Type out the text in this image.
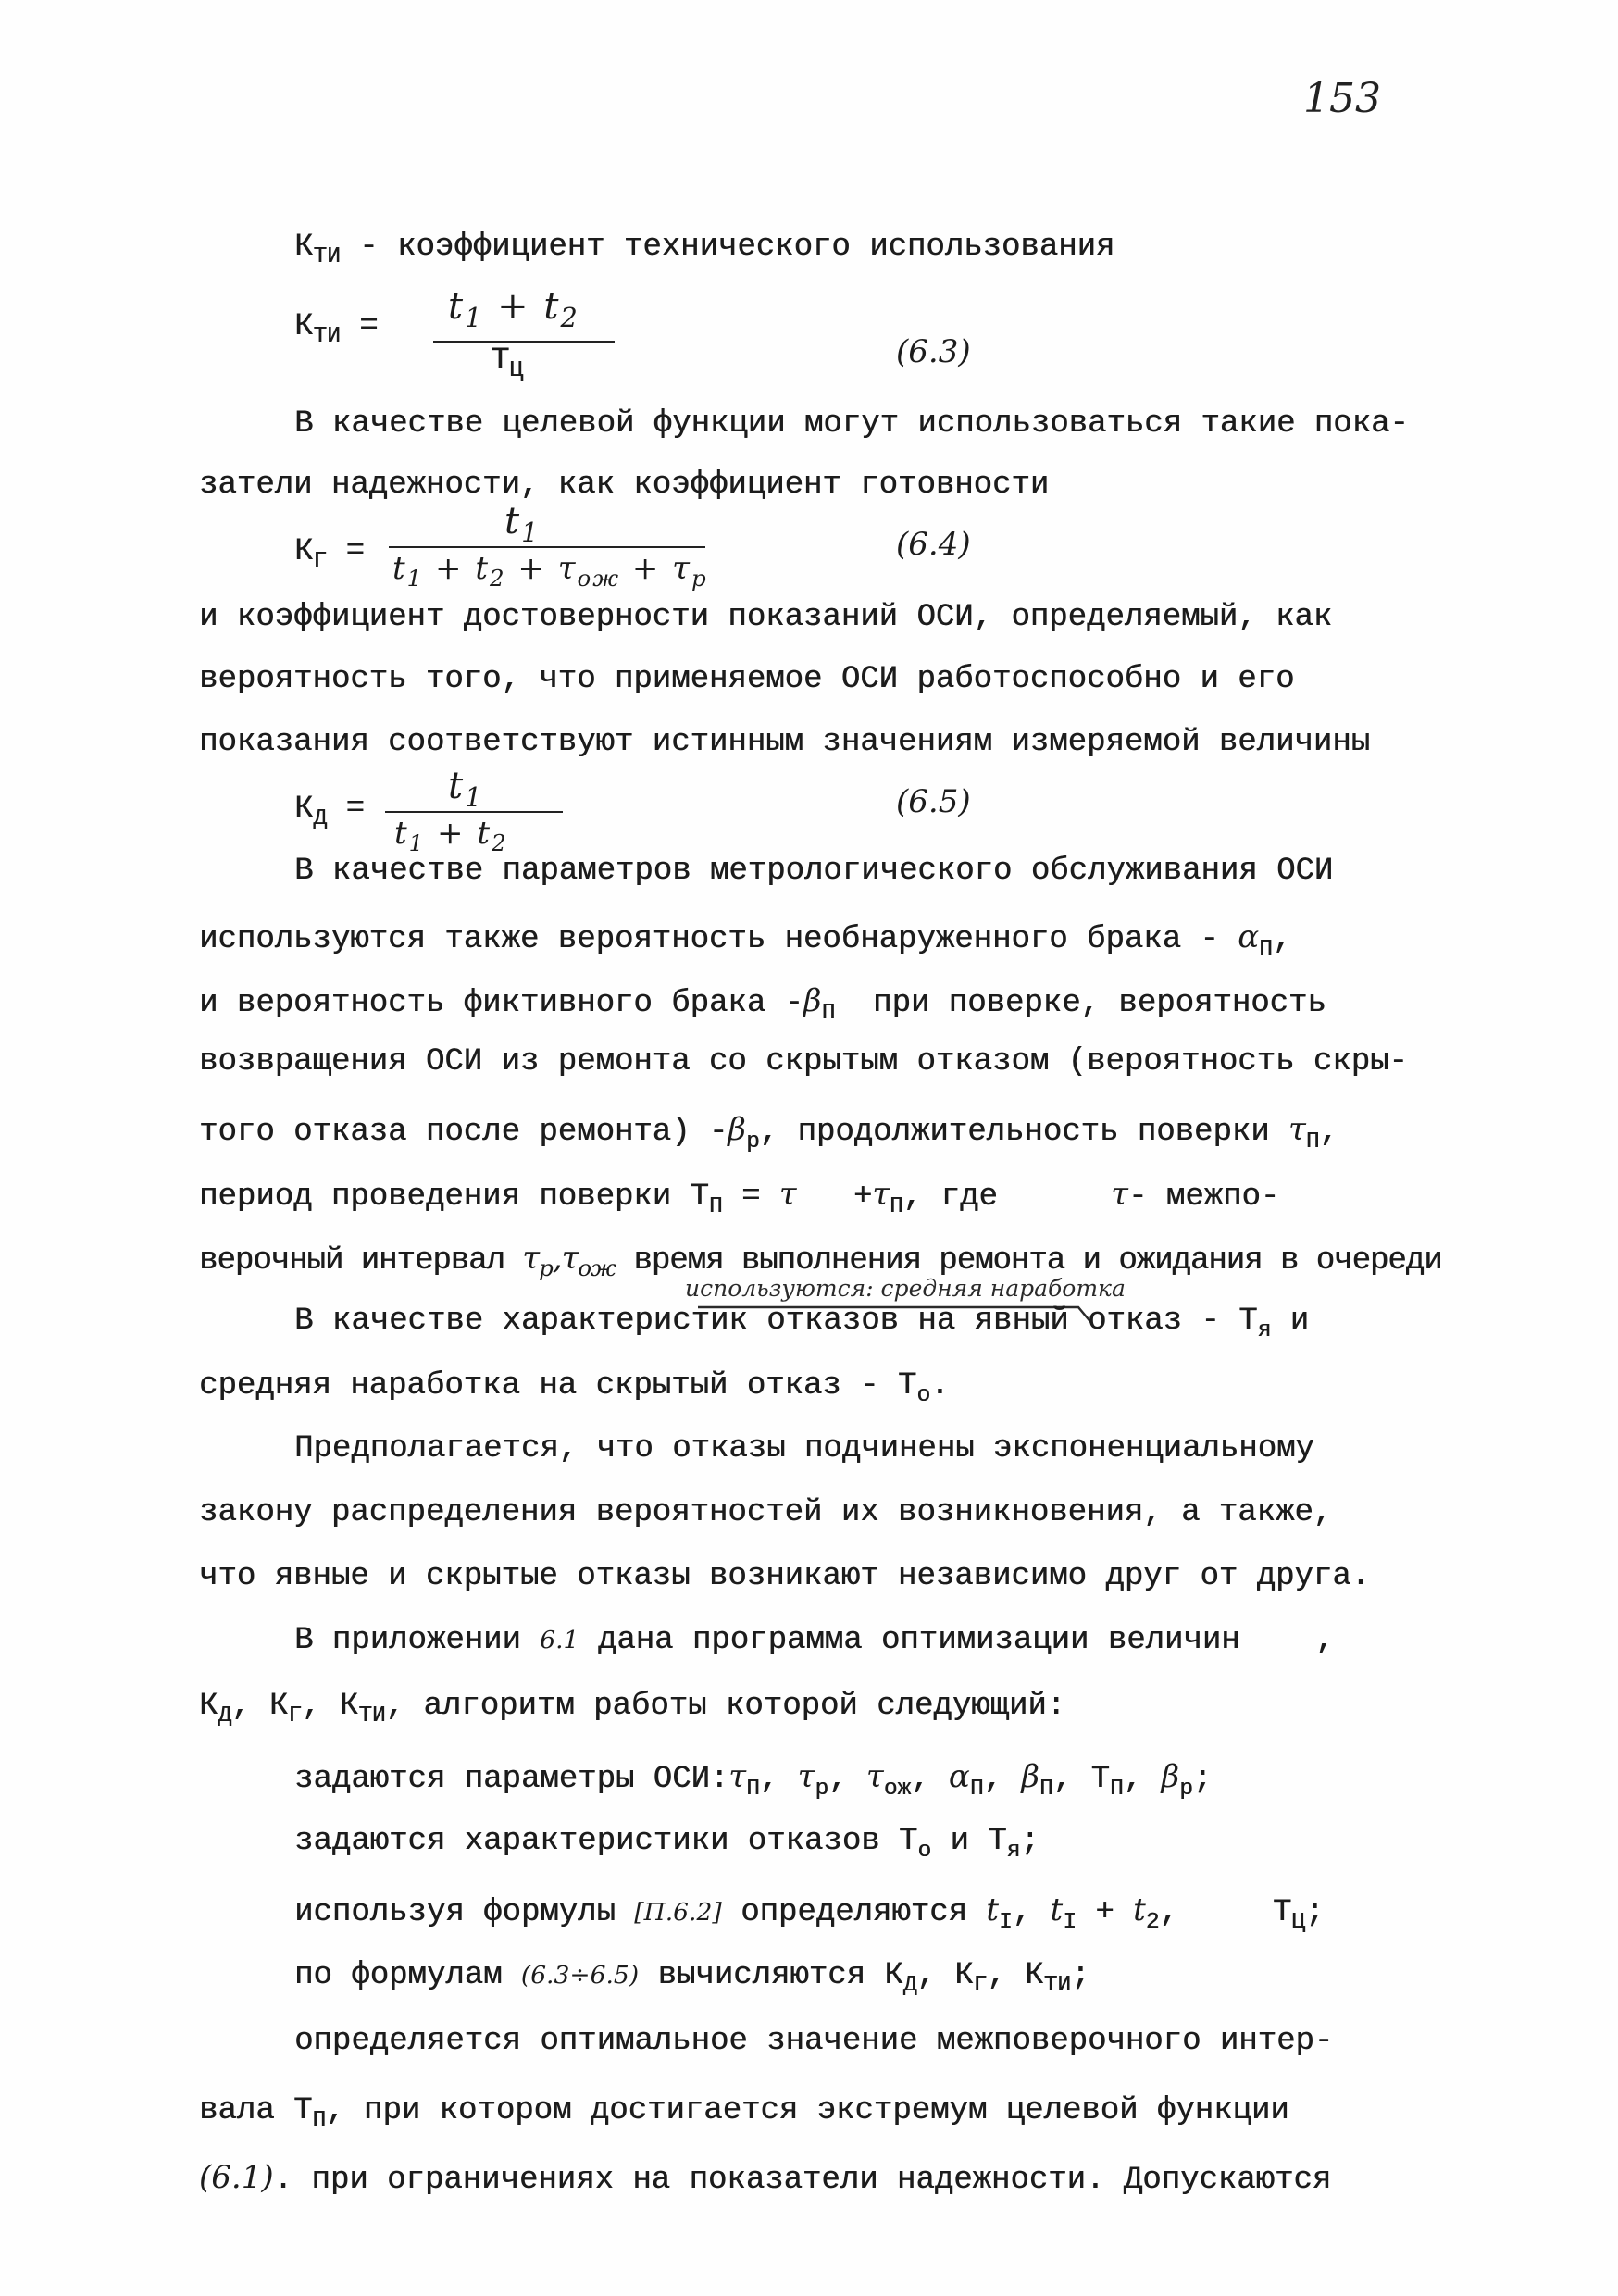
153
$К_{ТИ}$ - коэффициент технического использования
$К_{ТИ} = t_1 + t_2$
$Т_Ц$
(6.3)
В качестве целевой функции могут использоваться такие пока-
затели надежности, как коэффициент готовности
$К_Г$ =
$t_1$
$t_1 + t_2 + \tau_{ож} + \tau_р$
(6.4)
и коэффициент достоверности показаний ОСИ, определяемый, как
вероятность того, что применяемое ОСИ работоспособно и его
показания соответствуют истинным значениям измеряемой величины
$К_Д$ =
$t_1$
$t_1 + t_2$
(6.5)
В качестве параметров метрологического обслуживания ОСИ
используются также вероятность необнаруженного брака - $\alpha_П$,
и вероятность фиктивного брака $-\beta_П$  при поверке, вероятность
возвращения ОСИ из ремонта со скрытым отказом (вероятность скры-
того отказа после ремонта) $-\beta_р$, продолжительность поверки $\tau_П$,
период проведения поверки $Т_П = \tau +\tau_П$, где      τ- межпо-
верочный интервал $\tau_р,\tau_{ож}$ время выполнения ремонта и ожидания в очереди
используются: средняя наработка
В качестве характеристик отказов на явный отказ - $Т_я$ и
средняя наработка на скрытый отказ - $Т_о$.
Предполагается, что отказы подчинены экспоненциальному
закону распределения вероятностей их возникновения, а также,
что явные и скрытые отказы возникают независимо друг от друга.
В приложении 6.1 дана программа оптимизации величин    ,
$К_Д$, $К_Г$, $К_{ТИ}$, алгоритм работы которой следующий:
задаются параметры $ОСИ:\tau_П$, $\tau_р$, $\tau_{ож}$, $\alpha_П$, $\beta_П$, $Т_П$, $\beta_р$;
задаются характеристики отказов $Т_о$ и $Т_я$;
используя формулы [П.6.2] определяются $t_I$, $t_I + t_2$,     $Т_Ц$;
по формулам (6.3÷6.5) вычисляются $К_Д$, $К_Г$, $К_{ТИ}$;
определяется оптимальное значение межповерочного интер-
вала $Т_П$, при котором достигается экстремум целевой функции
(6.1). при ограничениях на показатели надежности. Допускаются
